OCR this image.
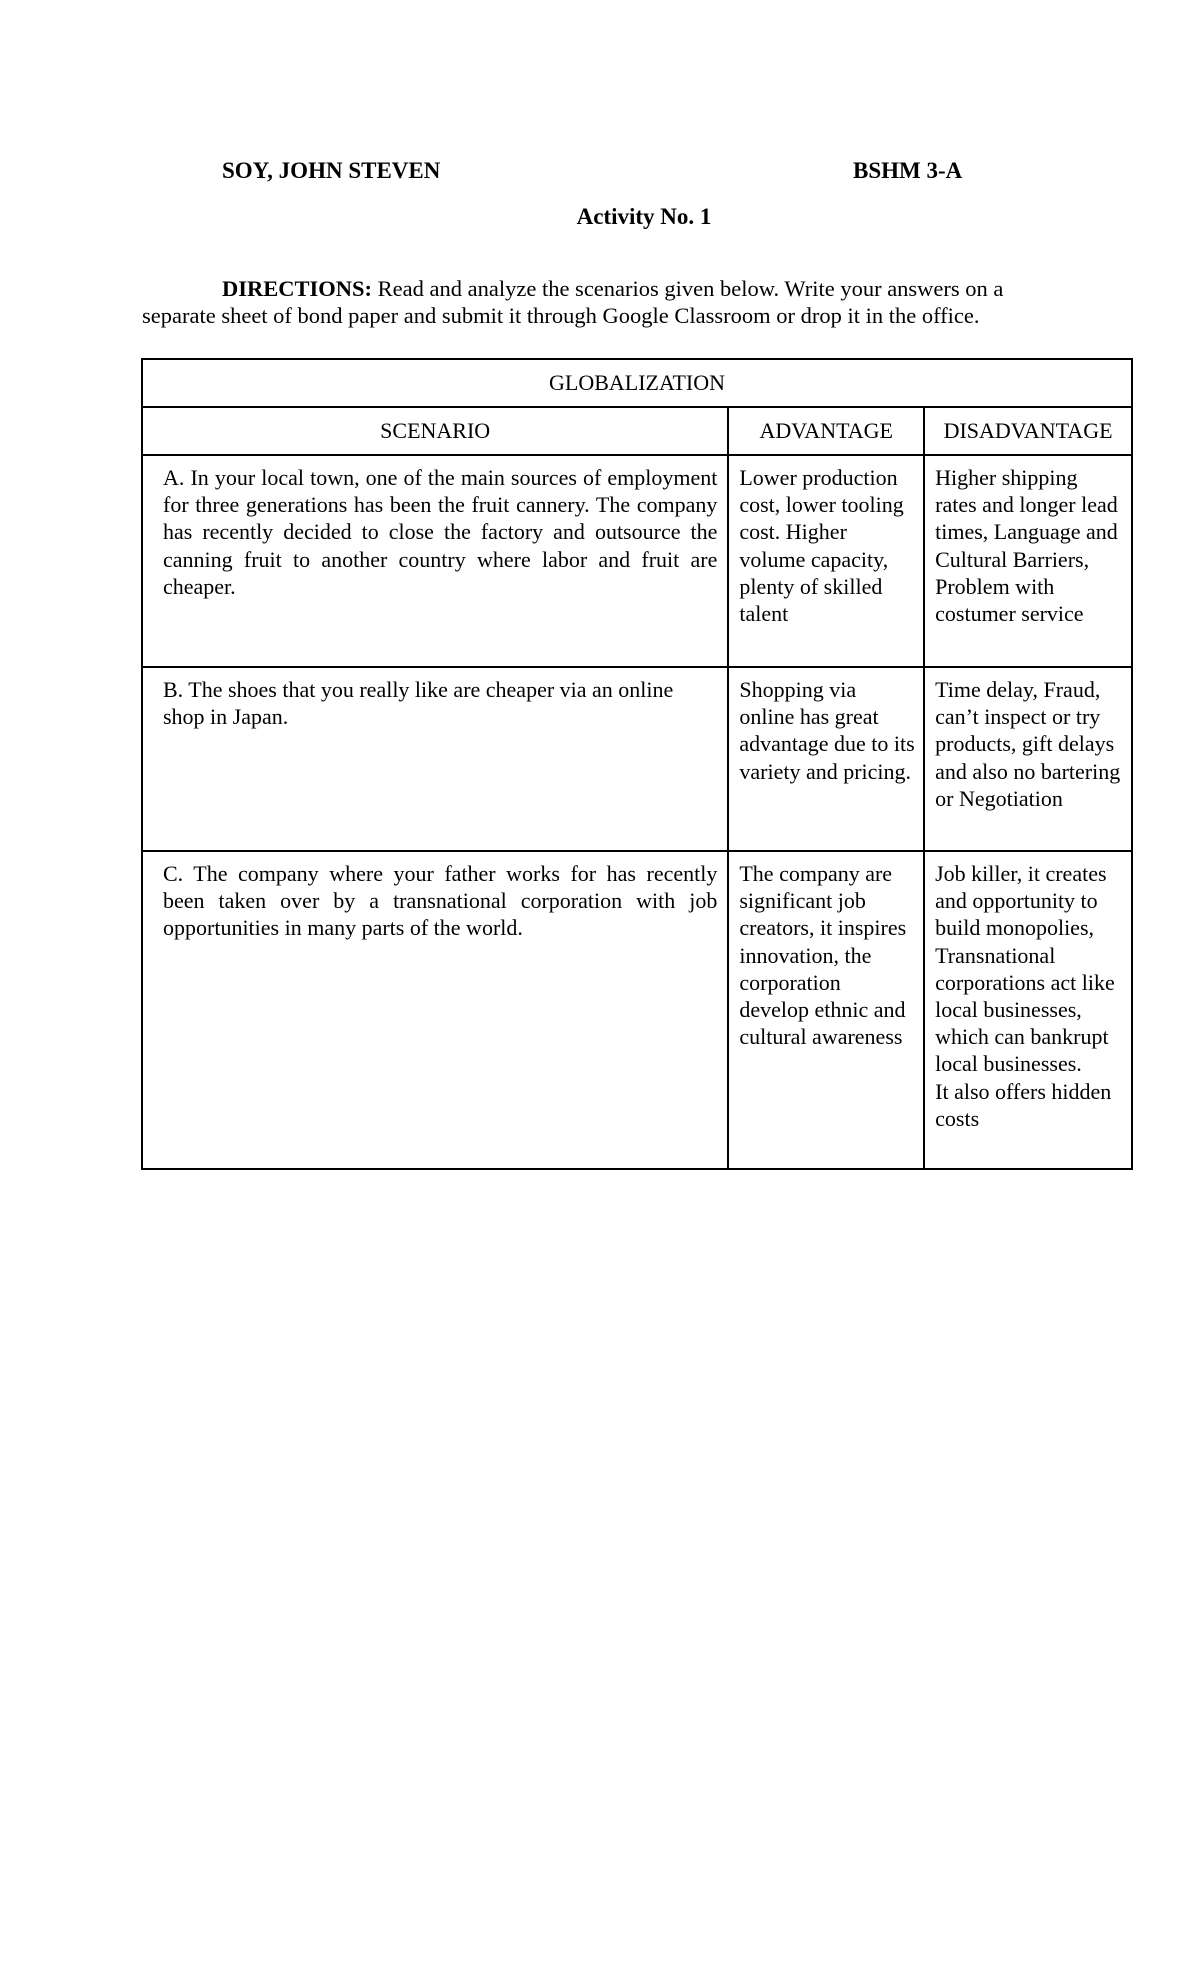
SOY, JOHN STEVEN	BSHM 3-A
Activity No. 1
DIRECTIONS: Read and analyze the scenarios given below. Write your answers on a separate sheet of bond paper and submit it through Google Classroom or drop it in the office.
GLOBALIZATION		
SCENARIO	ADVANTAGE	DISADVANTAGE

A. In your local town, one of the main sources of employment for three generations has been the fruit cannery. The company has recently decided to close the factory and outsource the canning fruit to another country where labor and fruit are cheaper.	Lower production cost, lower tooling cost. Higher volume capacity, plenty of skilled talent	Higher shipping rates and longer lead times, Language and Cultural Barriers, Problem with costumer service

B. The shoes that you really like are cheaper via an online shop in Japan.	Shopping via online has great advantage due to its variety and pricing.	Time delay, Fraud, can’t inspect or try products, gift delays and also no bartering or Negotiation

C. The company where your father works for has recently been taken over by a transnational corporation with job opportunities in many parts of the world.	The company are significant job creators, it inspires innovation, the corporation develop ethnic and cultural awareness	Job killer, it creates and opportunity to build monopolies, Transnational corporations act like local businesses, which can bankrupt local businesses.
It also offers hidden costs
